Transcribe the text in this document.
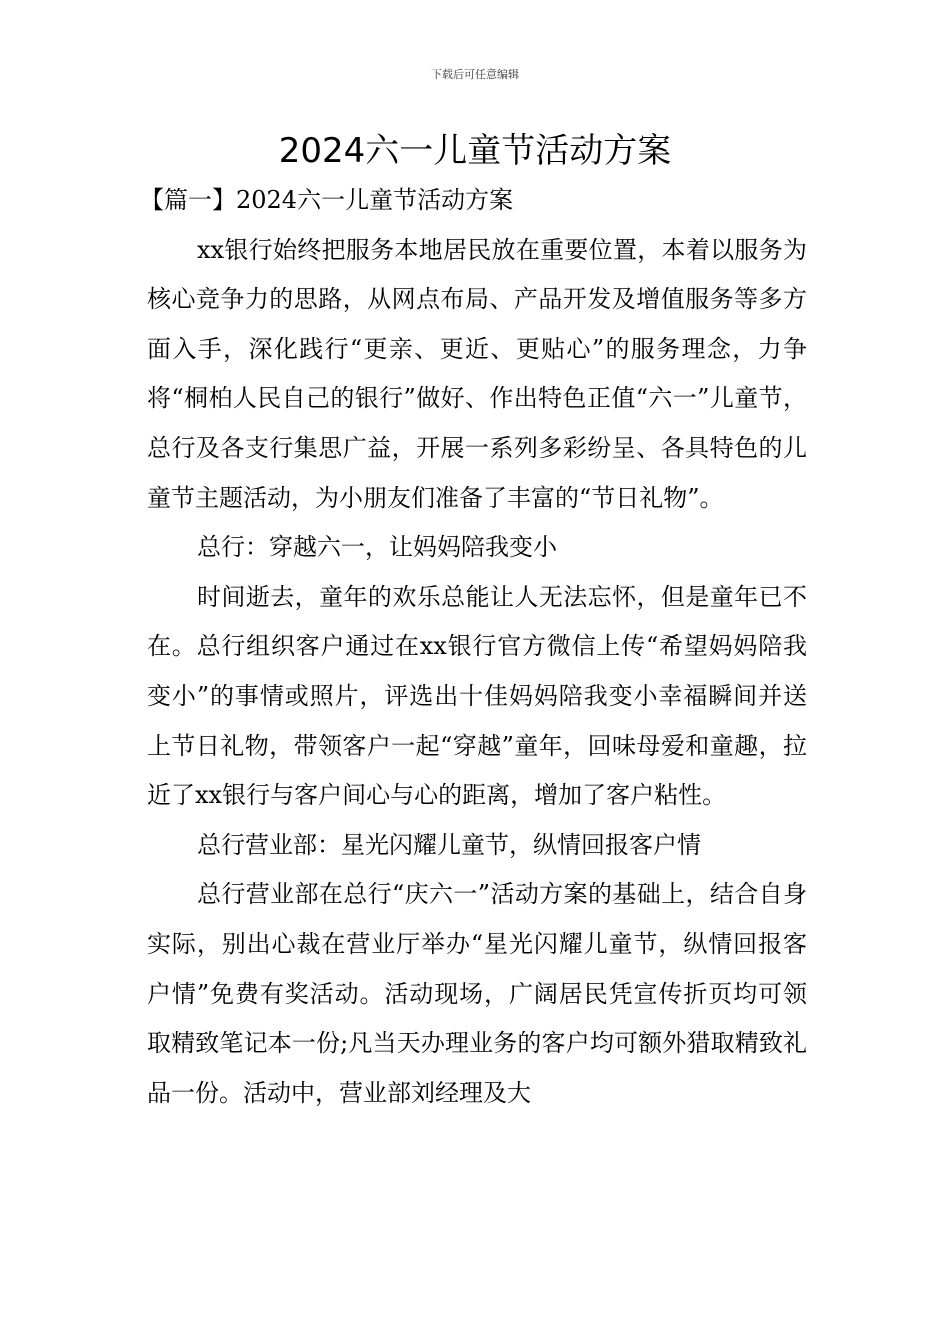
下载后可任意编辑
2024六一儿童节活动方案

【篇一】2024六一儿童节活动方案

xx银行始终把服务本地居民放在重要位置，本着以服务为核心竞争力的思路，从网点布局、产品开发及增值服务等多方面入手，深化践行“更亲、更近、更贴心”的服务理念，力争将“桐柏人民自己的银行”做好、作出特色正值“六一”儿童节，总行及各支行集思广益，开展一系列多彩纷呈、各具特色的儿童节主题活动，为小朋友们准备了丰富的“节日礼物”。

总行：穿越六一，让妈妈陪我变小

时间逝去，童年的欢乐总能让人无法忘怀，但是童年已不在。总行组织客户通过在xx银行官方微信上传“希望妈妈陪我变小”的事情或照片，评选出十佳妈妈陪我变小幸福瞬间并送上节日礼物，带领客户一起“穿越”童年，回味母爱和童趣，拉近了xx银行与客户间心与心的距离，增加了客户粘性。

总行营业部：星光闪耀儿童节，纵情回报客户情

总行营业部在总行“庆六一”活动方案的基础上，结合自身实际，别出心裁在营业厅举办“星光闪耀儿童节，纵情回报客户情”免费有奖活动。活动现场，广阔居民凭宣传折页均可领取精致笔记本一份;凡当天办理业务的客户均可额外猎取精致礼品一份。活动中，营业部刘经理及大
